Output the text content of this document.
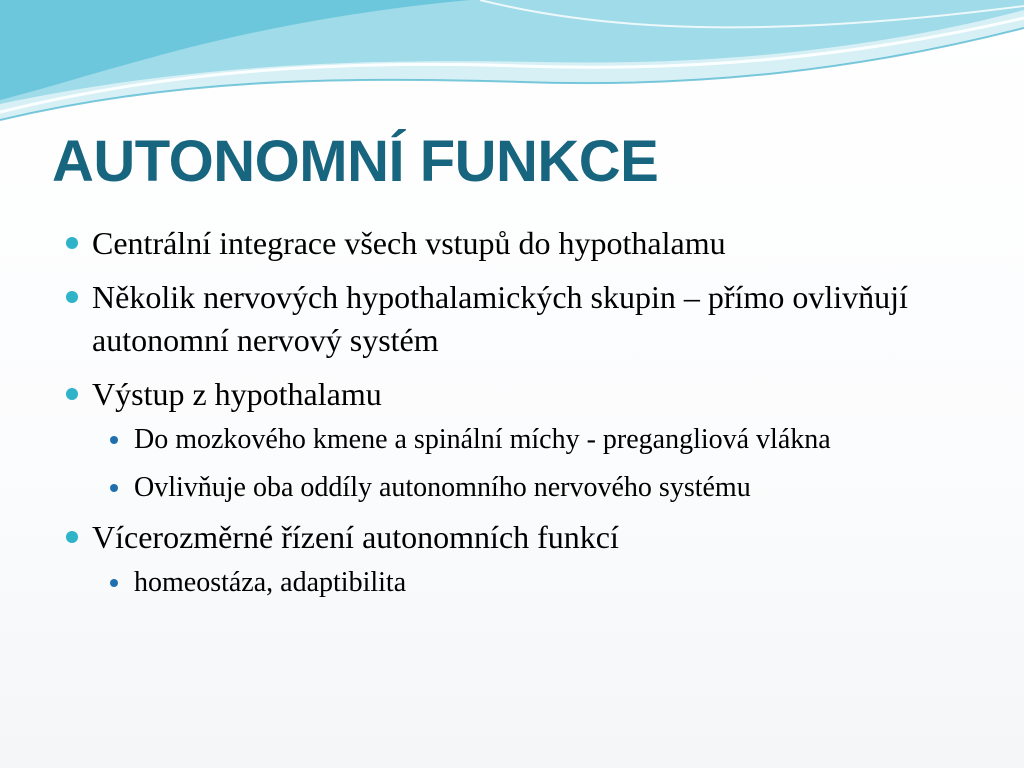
AUTONOMNÍ FUNKCE
Centrální integrace všech vstupů do hypothalamu
Několik nervových hypothalamických skupin – přímo ovlivňují autonomní nervový systém
Výstup z hypothalamu
Do mozkového kmene a spinální míchy - pregangliová vlákna
Ovlivňuje oba oddíly autonomního nervového systému
Vícerozměrné řízení autonomních funkcí
homeostáza, adaptibilita
